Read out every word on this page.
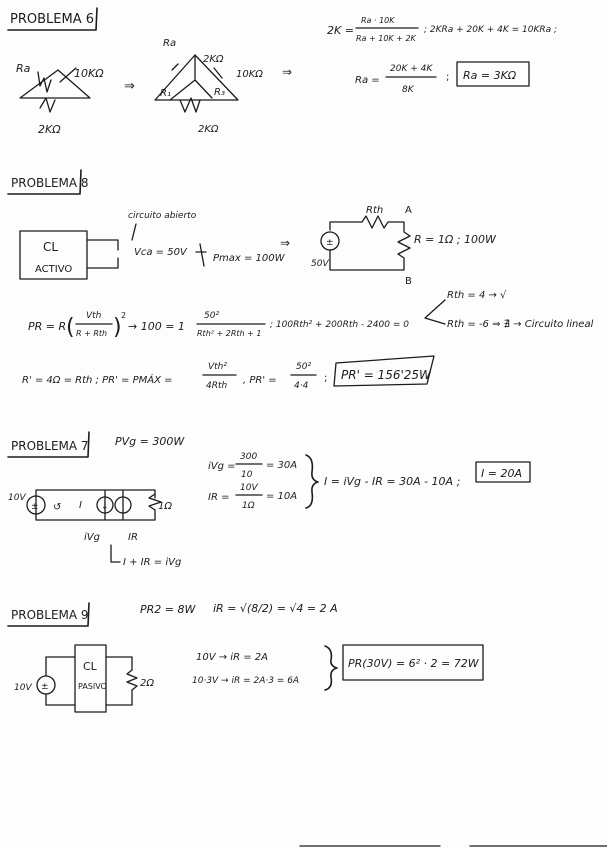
PROBLEMA 6
Ra	10KΩ
2KΩ
⇒
Ra
2KΩ
10KΩ
R₁	R₃
2KΩ
⇒
2K =
Ra · 10K
Ra + 10K + 2K
; 2KRa + 20K + 4K = 10KRa ;
Ra =
20K + 4K
8K
; Ra = 3KΩ
PROBLEMA 8
CL
ACTIVO
circuito abierto
Vca = 50V
Pmax = 100W
⇒	±
Rth A
B
R = 1Ω ; 100W
50V
PR = R ( Vth
R + Rth ) 2
→ 100 = 1
50²
Rth² + 2Rth + 1
; 100Rth² + 200Rth - 2400 = 0
Rth = 4 → √
Rth = -6 ⇒ ∄ → Circuito lineal
R' = 4Ω = Rth ; PR' = PMÁX =
Vth²
4Rth , PR' =
50²
4·4
; PR' = 156'25W
PROBLEMA 7 PVg = 300W
±	↓
↺
10V
I
IR
iVg
1Ω
I + IR = iVg
iVg =
300
10
= 30A
IR =
10V
1Ω
= 10A
I = iVg - IR = 30A - 10A ;
I = 20A
PROBLEMA 9	PR2 = 8W iR = √(8/2) = √4 = 2 A
±
CL
PASIVO
10V	2Ω
10V → iR = 2A
10·3V → iR = 2A·3 = 6A
PR(30V) = 6² · 2 = 72W
